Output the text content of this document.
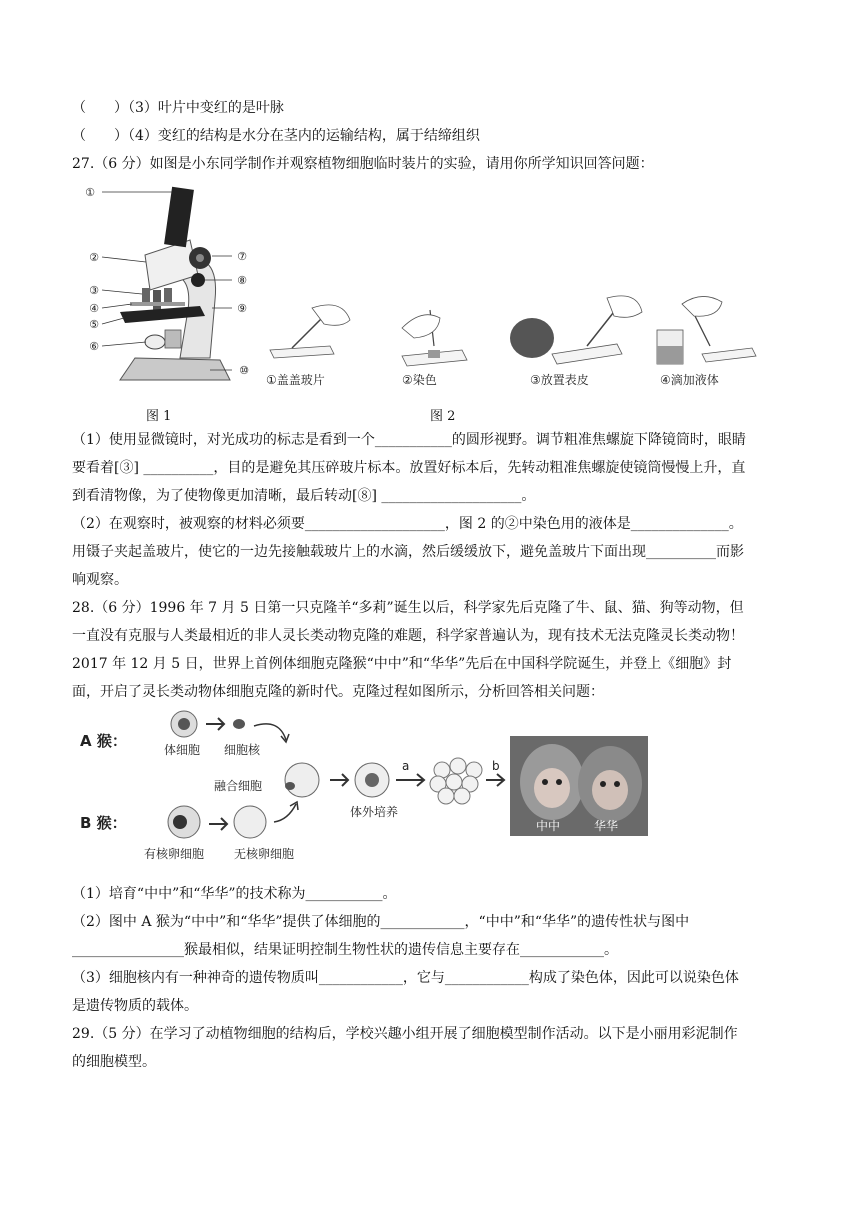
（　　）（3）叶片中变红的是叶脉
（　　）（4）变红的结构是水分在茎内的运输结构，属于结缔组织
27.（6 分）如图是小东同学制作并观察植物细胞临时装片的实验，请用你所学知识回答问题：
①
②
③
④
⑤
⑥
⑦
⑧
⑨
⑩
①盖盖玻片	②染色	③放置表皮	④滴加液体
图 1	图 2
（1）使用显微镜时，对光成功的标志是看到一个___________的圆形视野。调节粗准焦螺旋下降镜筒时，眼睛
要看着[③] __________，目的是避免其压碎玻片标本。放置好标本后，先转动粗准焦螺旋使镜筒慢慢上升，直
到看清物像，为了使物像更加清晰，最后转动[⑧] ____________________。
（2）在观察时，被观察的材料必须要____________________，图 2 的②中染色用的液体是______________。
用镊子夹起盖玻片，使它的一边先接触载玻片上的水滴，然后缓缓放下，避免盖玻片下面出现__________而影
响观察。
28.（6 分）1996 年 7 月 5 日第一只克隆羊“多莉”诞生以后，科学家先后克隆了牛、鼠、猫、狗等动物，但
一直没有克服与人类最相近的非人灵长类动物克隆的难题，科学家普遍认为，现有技术无法克隆灵长类动物！
2017 年 12 月 5 日，世界上首例体细胞克隆猴“中中”和“华华”先后在中国科学院诞生，并登上《细胞》封
面，开启了灵长类动物体细胞克隆的新时代。克隆过程如图所示，分析回答相关问题：
A 猴：
B 猴：
体细胞 细胞核
融合细胞
体外培养
a	b
中中	华华
有核卵细胞 无核卵细胞
（1）培育“中中”和“华华”的技术称为___________。
（2）图中 A 猴为“中中”和“华华”提供了体细胞的____________，“中中”和“华华”的遗传性状与图中
________________猴最相似，结果证明控制生物性状的遗传信息主要存在____________。
（3）细胞核内有一种神奇的遗传物质叫____________，它与____________构成了染色体，因此可以说染色体
是遗传物质的载体。
29.（5 分）在学习了动植物细胞的结构后，学校兴趣小组开展了细胞模型制作活动。以下是小丽用彩泥制作
的细胞模型。
